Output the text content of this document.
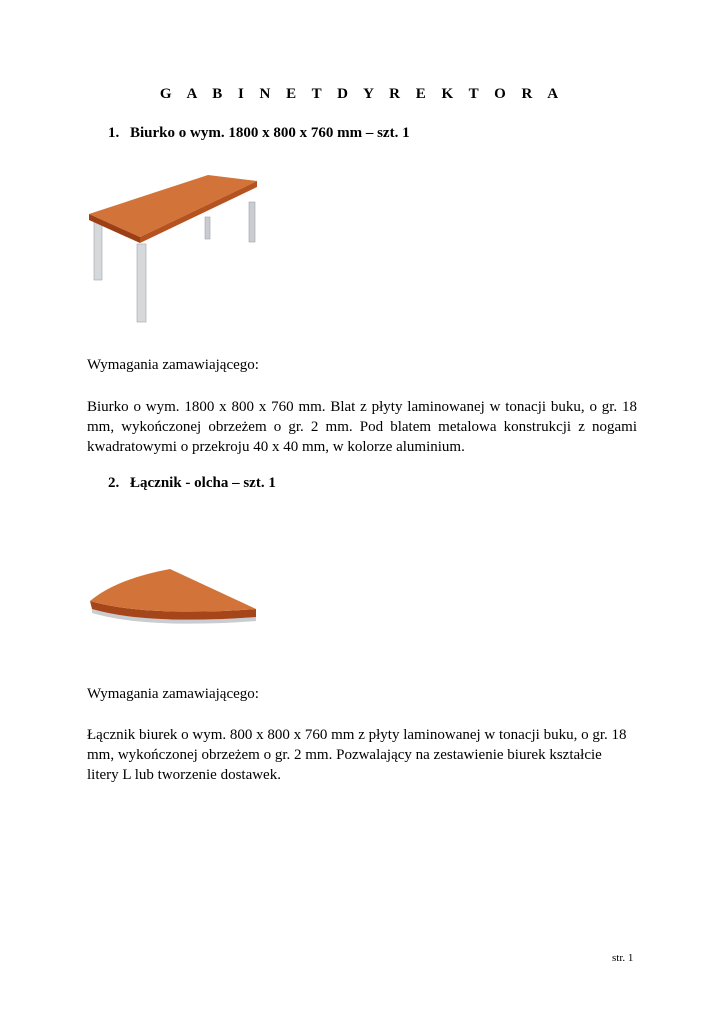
G A B I N E T D Y R E K T O R A
1. Biurko o wym. 1800 x 800 x 760 mm – szt. 1
Wymagania zamawiającego:
Biurko o wym. 1800 x 800 x 760 mm. Blat z płyty laminowanej w tonacji buku, o gr. 18 mm, wykończonej obrzeżem o gr. 2 mm. Pod blatem metalowa konstrukcji z nogami kwadratowymi o przekroju 40 x 40 mm, w kolorze aluminium.
2. Łącznik - olcha – szt. 1
Wymagania zamawiającego:
Łącznik biurek o wym. 800 x 800 x 760 mm z płyty laminowanej w tonacji buku, o gr. 18 mm, wykończonej obrzeżem o gr. 2 mm. Pozwalający na zestawienie biurek kształcie litery L lub tworzenie dostawek.
str. 1
